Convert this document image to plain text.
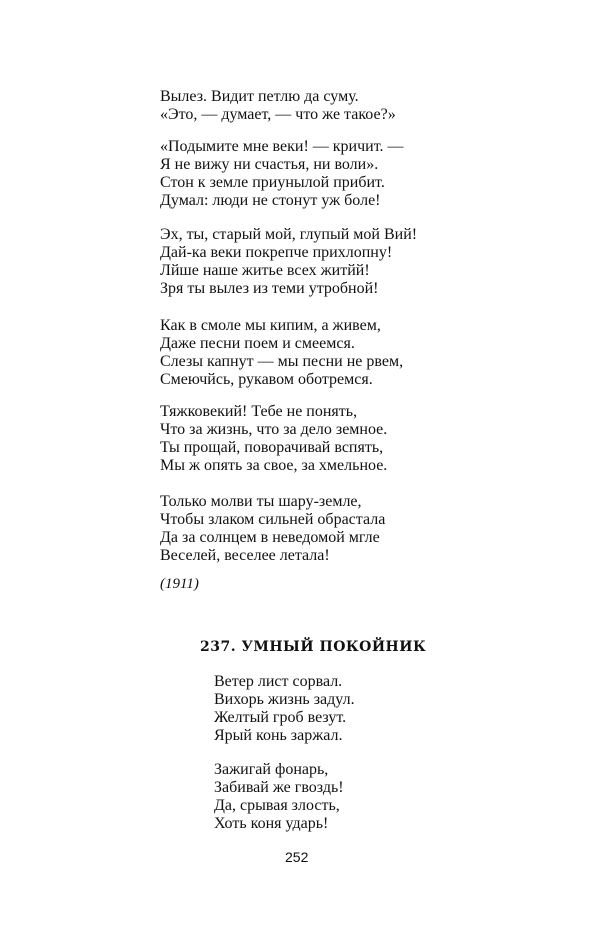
Вылез. Видит петлю да суму.
«Это, — думает, — что же такое?»
«Подымите мне веки! — кричит. —
Я не вижу ни счастья, ни воли».
Стон к земле приунылой прибит.
Думал: люди не стонут уж боле!
Эх, ты, старый мой, глупый мой Вий!
Дай-ка веки покрепче прихлопну!
Лйше наше житье всех житйй!
Зря ты вылез из теми утробной!
Как в смоле мы кипим, а живем,
Даже песни поем и смеемся.
Слезы капнут — мы песни не рвем,
Смеючйсь, рукавом оботремся.
Тяжковекий! Тебе не понять,
Что за жизнь, что за дело земное.
Ты прощай, поворачивай вспять,
Мы ж опять за свое, за хмельное.
Только молви ты шару-земле,
Чтобы злаком сильней обрастала
Да за солнцем в неведомой мгле
Веселей, веселее летала!
(1911)
237. УМНЫЙ ПОКОЙНИК
Ветер лист сорвал.
Вихорь жизнь задул.
Желтый гроб везут.
Ярый конь заржал.
Зажигай фонарь,
Забивай же гвоздь!
Да, срывая злость,
Хоть коня ударь!
252
